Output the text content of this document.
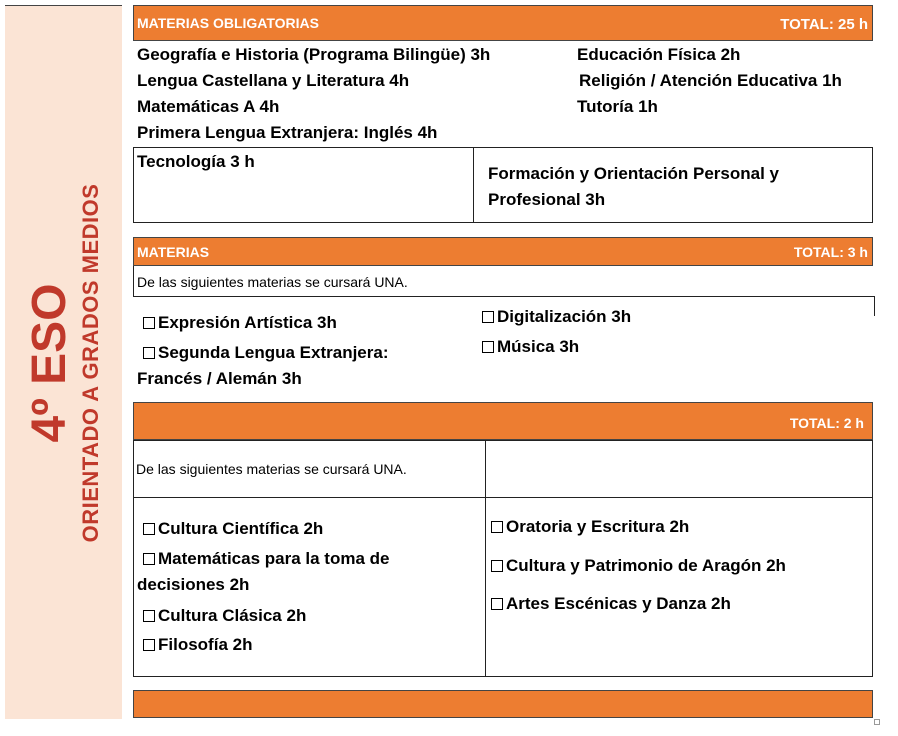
4º ESO ORIENTADO A GRADOS MEDIOS
MATERIAS OBLIGATORIAS	TOTAL: 25 h
Geografía e Historia (Programa Bilingüe) 3h
Lengua Castellana y Literatura 4h
Matemáticas A 4h
Primera Lengua Extranjera: Inglés 4h
Educación Física 2h
Religión / Atención Educativa 1h
Tutoría 1h
Tecnología 3 h
Formación y Orientación Personal y
Profesional 3h
MATERIAS	TOTAL: 3 h
De las siguientes materias se cursará UNA.
Expresión Artística 3h
Segunda Lengua Extranjera:
Francés / Alemán 3h
Digitalización 3h
Música 3h
TOTAL: 2 h
De las siguientes materias se cursará UNA.
Cultura Científica 2h
Matemáticas para la toma de
decisiones 2h
Cultura Clásica 2h
Filosofía 2h
Oratoria y Escritura 2h
Cultura y Patrimonio de Aragón 2h
Artes Escénicas y Danza 2h
